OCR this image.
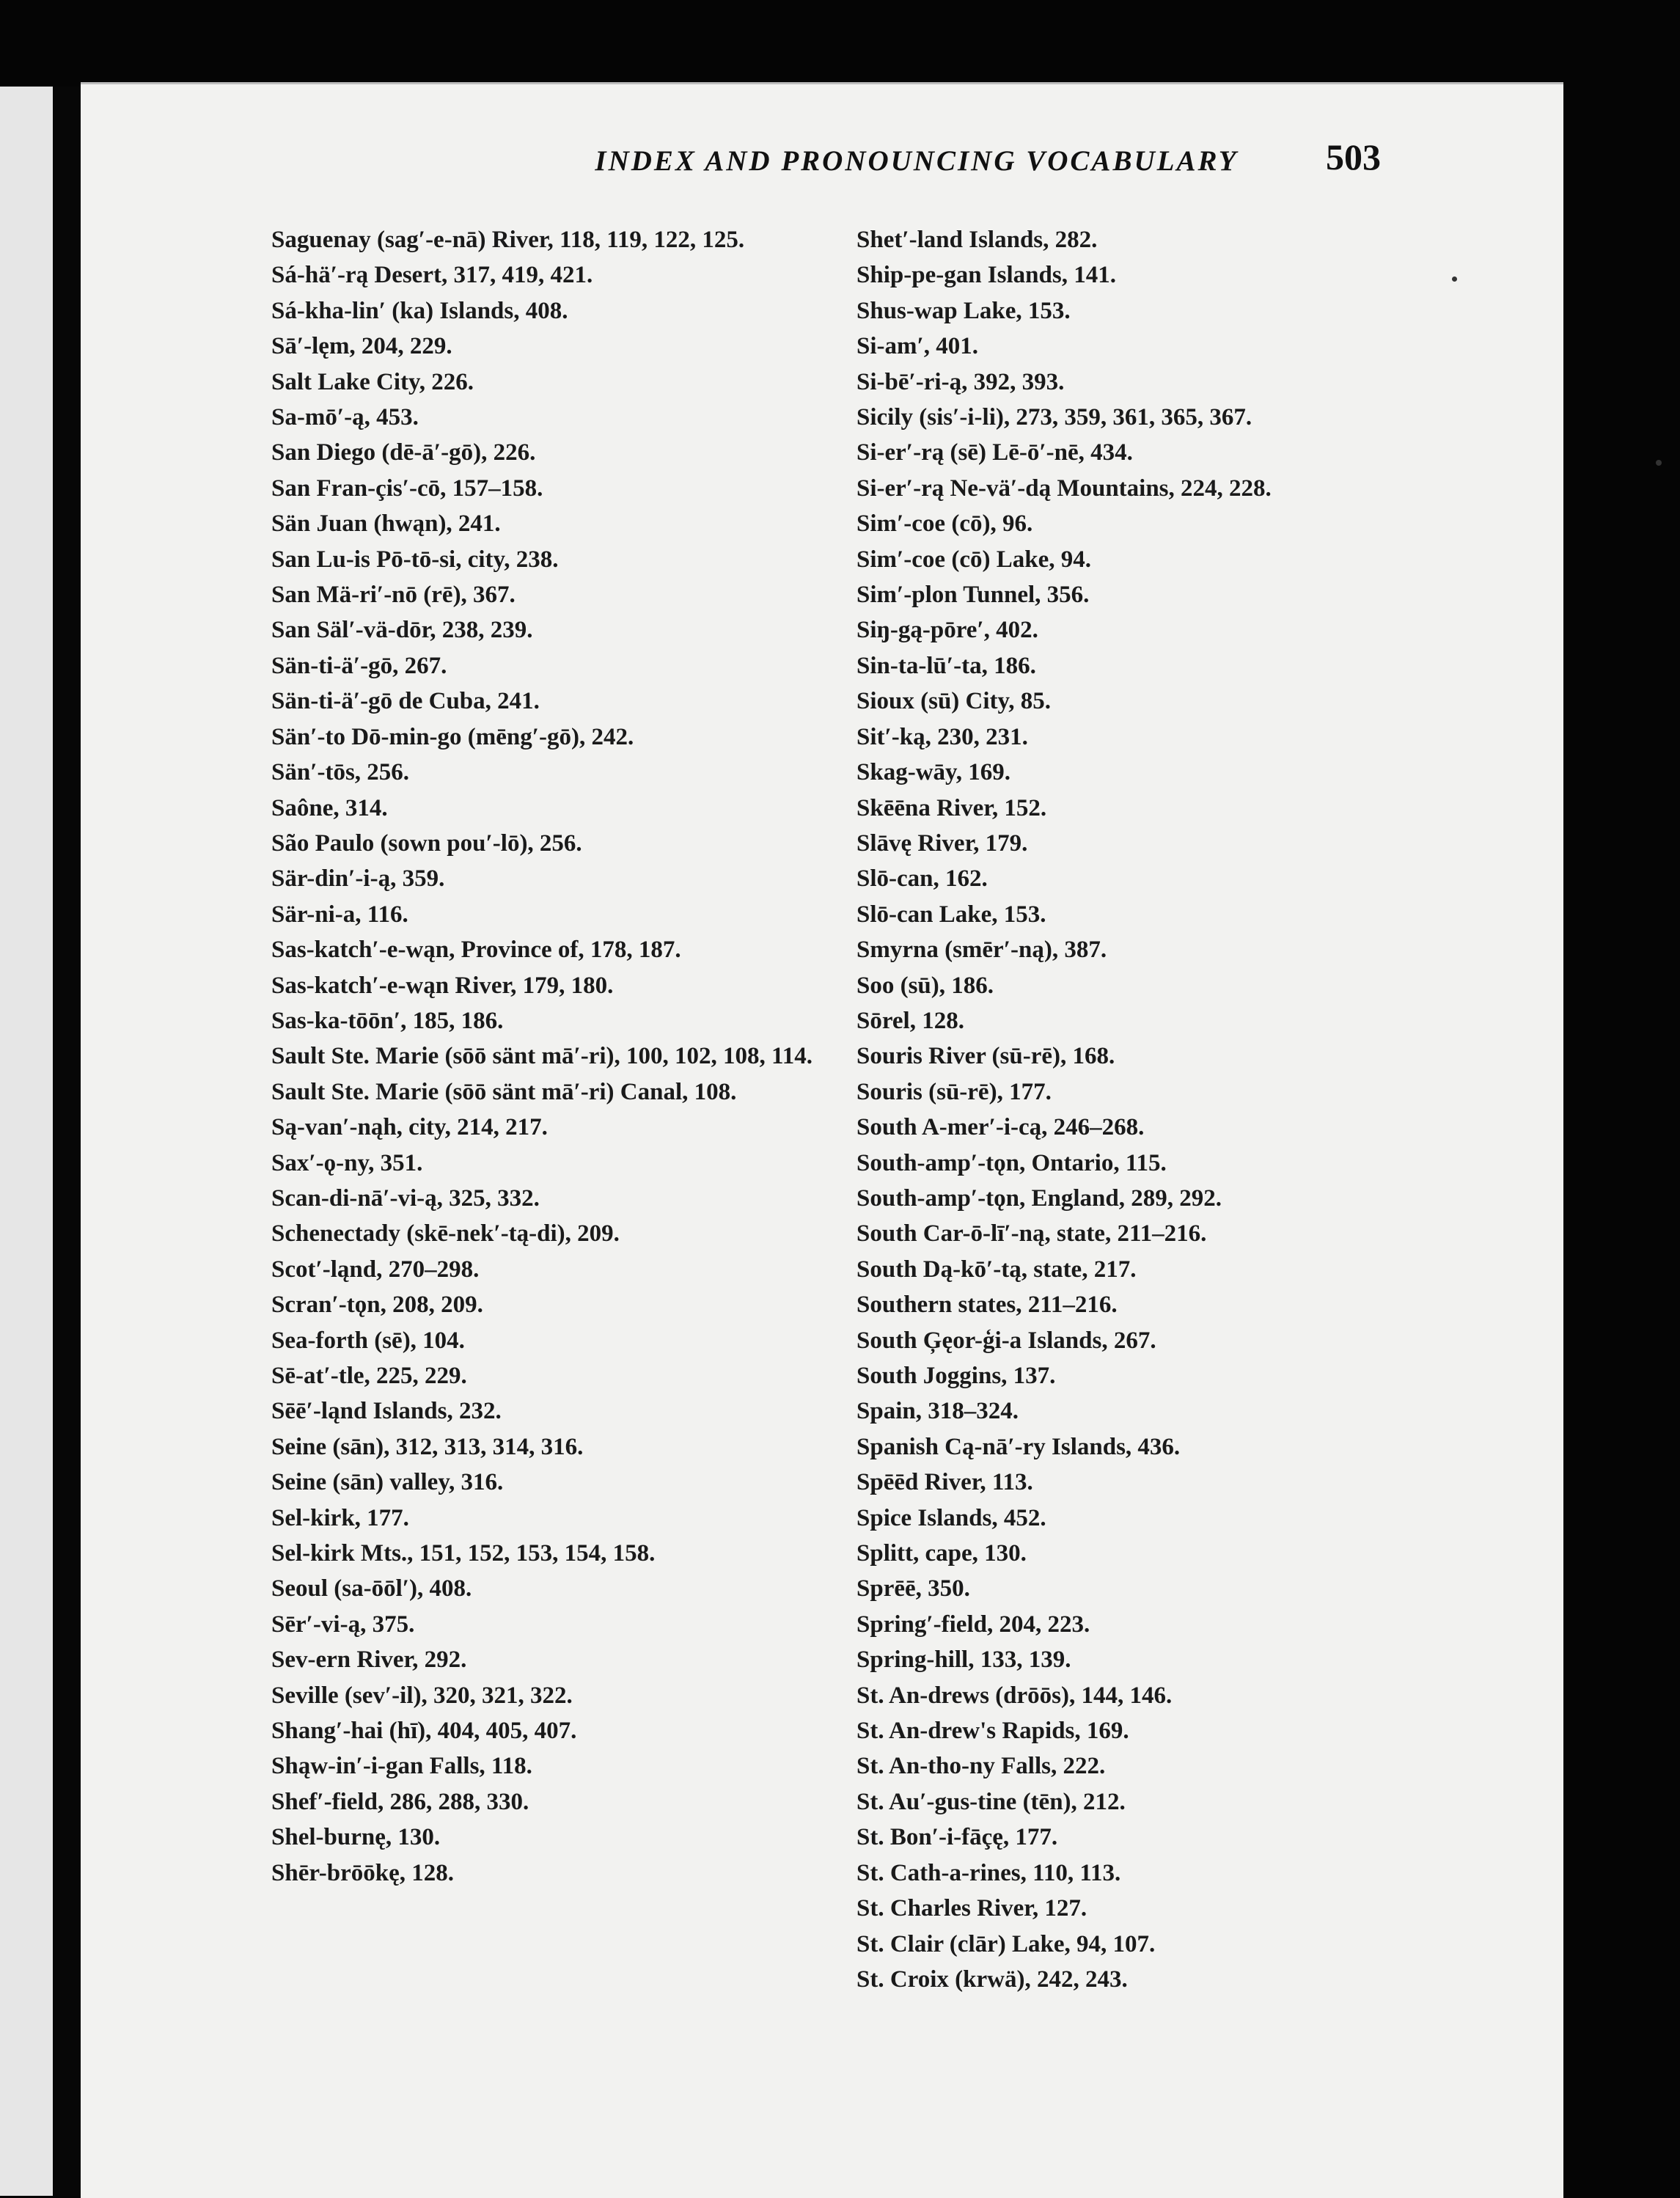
INDEX AND PRONOUNCING VOCABULARY	503

Saguenay (sag′-e-nā) River, 118, 119, 122, 125.

Sá-hä′-rą Desert, 317, 419, 421.

Sá-kha-lin′ (ka) Islands, 408.

Sā′-lęm, 204, 229.

Salt Lake City, 226.

Sa-mō′-ą, 453.

San Diego (dē-ā′-gō), 226.

San Fran-çis′-cō, 157–158.

Sän Juan (hwąn), 241.

San Lu-is Pō-tō-si, city, 238.

San Mä-ri′-nō (rē), 367.

San Säl′-vä-dōr, 238, 239.

Sän-ti-ä′-gō, 267.

Sän-ti-ä′-gō de Cuba, 241.

Sän′-to Dō-min-go (mēng′-gō), 242.

Sän′-tōs, 256.

Saône, 314.

São Paulo (sown pou′-lō), 256.

Sär-din′-i-ą, 359.

Sär-ni-a, 116.

Sas-katch′-e-wąn, Province of, 178, 187.

Sas-katch′-e-wąn River, 179, 180.

Sas-ka-tōōn′, 185, 186.

Sault Ste. Marie (sōō sänt mā′-ri), 100, 102, 108, 114.

Sault Ste. Marie (sōō sänt mā′-ri) Canal, 108.

Są-van′-nąh, city, 214, 217.

Sax′-ǫ-ny, 351.

Scan-di-nā′-vi-ą, 325, 332.

Schenectady (skē-nek′-tą-di), 209.

Scot′-ląnd, 270–298.

Scran′-tǫn, 208, 209.

Sea-forth (sē), 104.

Sē-at′-tle, 225, 229.

Sēē′-ląnd Islands, 232.

Seine (sān), 312, 313, 314, 316.

Seine (sān) valley, 316.

Sel-kirk, 177.

Sel-kirk Mts., 151, 152, 153, 154, 158.

Seoul (sa-ōōl′), 408.

Sēr′-vi-ą, 375.

Sev-ern River, 292.

Seville (sev′-il), 320, 321, 322.

Shang′-hai (hī), 404, 405, 407.

Shąw-in′-i-gan Falls, 118.

Shef′-field, 286, 288, 330.

Shel-burnę, 130.

Shēr-brōōkę, 128.

Shet′-land Islands, 282.

Ship-pe-gan Islands, 141.

Shus-wap Lake, 153.

Si-am′, 401.

Si-bē′-ri-ą, 392, 393.

Sicily (sis′-i-li), 273, 359, 361, 365, 367.

Si-er′-rą (sē) Lē-ō′-nē, 434.

Si-er′-rą Ne-vä′-dą Mountains, 224, 228.

Sim′-coe (cō), 96.

Sim′-coe (cō) Lake, 94.

Sim′-plon Tunnel, 356.

Siŋ-gą-pōre′, 402.

Sin-ta-lū′-ta, 186.

Sioux (sū) City, 85.

Sit′-ką, 230, 231.

Skag-wāy, 169.

Skēēna River, 152.

Slāvę River, 179.

Slō-can, 162.

Slō-can Lake, 153.

Smyrna (smēr′-ną), 387.

Soo (sū), 186.

Sōrel, 128.

Souris River (sū-rē), 168.

Souris (sū-rē), 177.

South A-mer′-i-cą, 246–268.

South-amp′-tǫn, Ontario, 115.

South-amp′-tǫn, England, 289, 292.

South Car-ō-lī′-ną, state, 211–216.

South Dą-kō′-tą, state, 217.

Southern states, 211–216.

South Ģęor-ģi-a Islands, 267.

South Joggins, 137.

Spain, 318–324.

Spanish Cą-nā′-ry Islands, 436.

Spēēd River, 113.

Spice Islands, 452.

Splitt, cape, 130.

Sprēē, 350.

Spring′-field, 204, 223.

Spring-hill, 133, 139.

St. An-drews (drōōs), 144, 146.

St. An-drew's Rapids, 169.

St. An-tho-ny Falls, 222.

St. Au′-gus-tine (tēn), 212.

St. Bon′-i-fāçę, 177.

St. Cath-a-rines, 110, 113.

St. Charles River, 127.

St. Clair (clār) Lake, 94, 107.

St. Croix (krwä), 242, 243.
